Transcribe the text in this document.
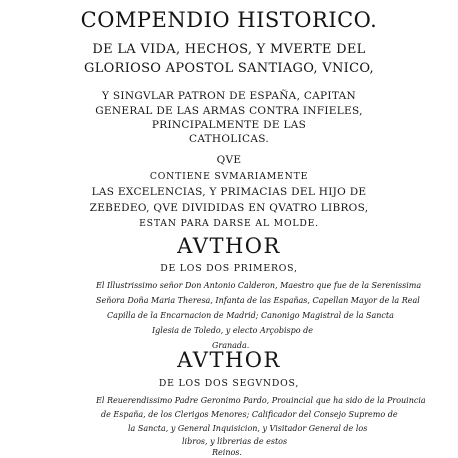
COMPENDIO HISTORICO.

DE LA VIDA, HECHOS, Y MVERTE DEL

GLORIOSO APOSTOL SANTIAGO, VNICO,

Y SINGVLAR PATRON DE ESPAÑA, CAPITAN

GENERAL DE LAS ARMAS CONTRA INFIELES,

PRINCIPALMENTE DE LAS

CATHOLICAS.

QVE

CONTIENE SVMARIAMENTE

LAS EXCELENCIAS, Y PRIMACIAS DEL HIJO DE

ZEBEDEO, QVE DIVIDIDAS EN QVATRO LIBROS,

ESTAN PARA DARSE AL MOLDE.

AVTHOR

DE LOS DOS PRIMEROS,

El Illustrissimo señor Don Antonio Calderon, Maestro que fue de la Serenissima

Señora Doña Maria Theresa, Infanta de las Españas, Capellan Mayor de la Real

Capilla de la Encarnacion de Madrid; Canonigo Magistral de la Sancta

Iglesia de Toledo, y electo Arçobispo de

Granada.

AVTHOR

DE LOS DOS SEGVNDOS,

El Reuerendissimo Padre Geronimo Pardo, Prouincial que ha sido de la Prouincia

de España, de los Clerigos Menores; Calificador del Consejo Supremo de

la Sancta, y General Inquisicion, y Visitador General de los

libros, y librerias de estos

Reinos.
